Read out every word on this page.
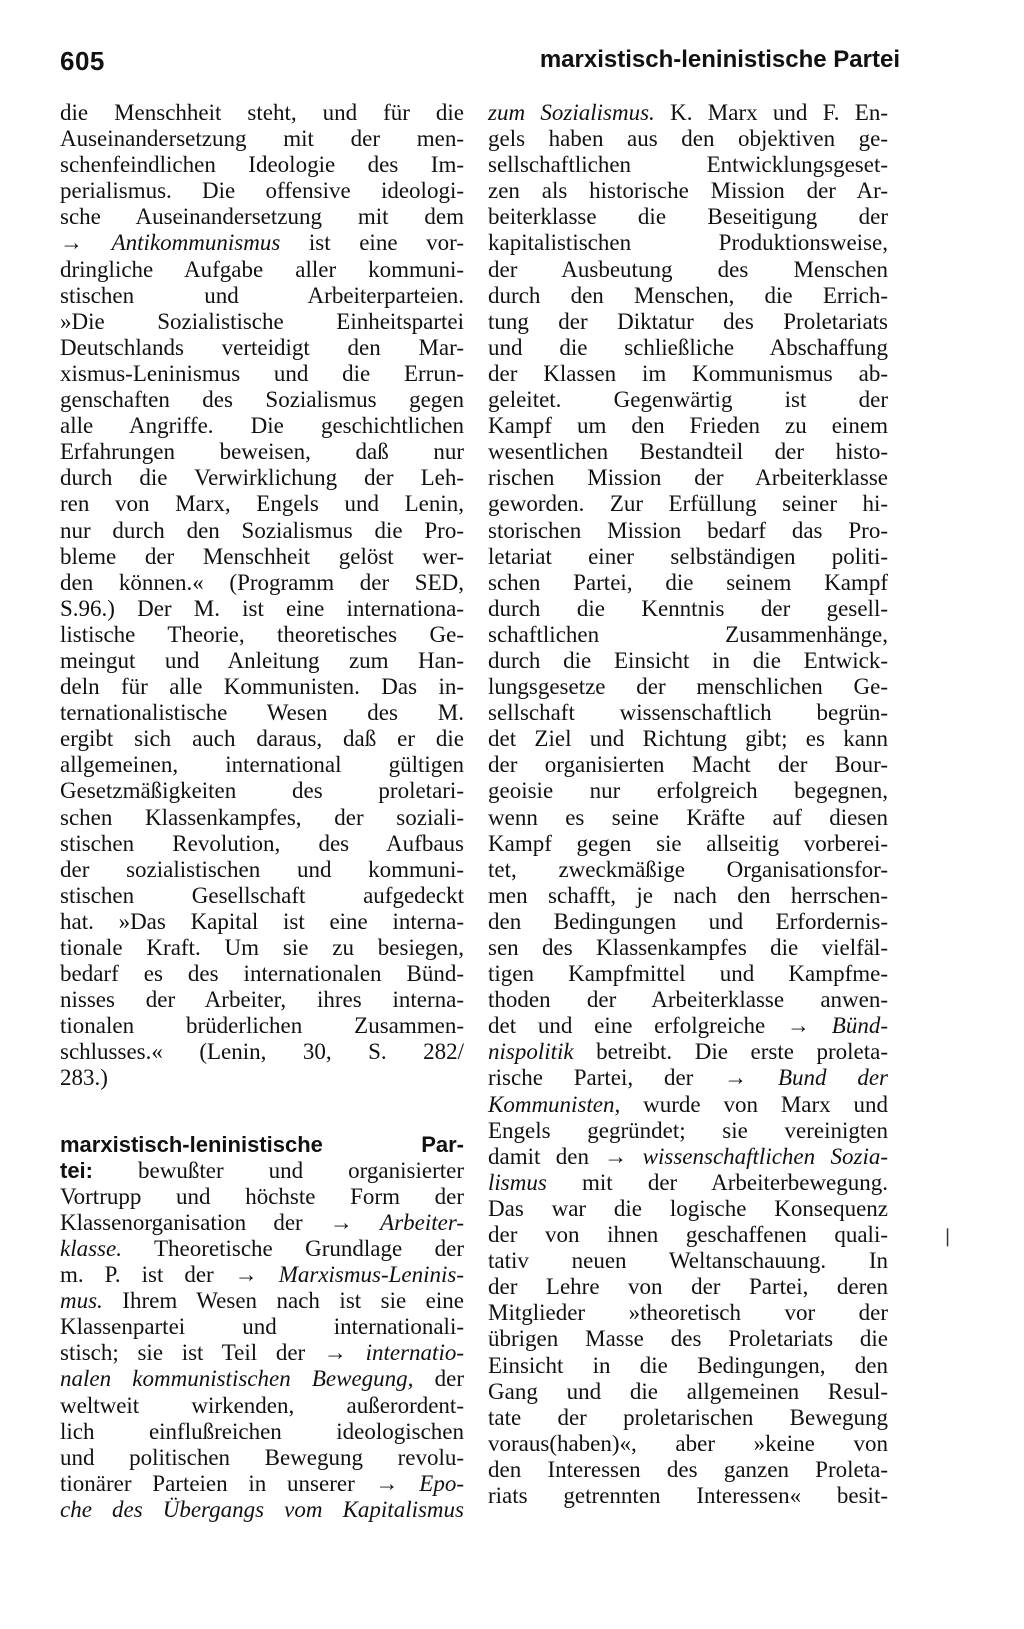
605	marxistisch-leninistische Partei
die Menschheit steht, und für die
Auseinandersetzung mit der men-
schenfeindlichen Ideologie des Im-
perialismus. Die offensive ideologi-
sche Auseinandersetzung mit dem
→ Antikommunismus ist eine vor-
dringliche Aufgabe aller kommuni-
stischen und Arbeiterparteien.
»Die Sozialistische Einheitspartei
Deutschlands verteidigt den Mar-
xismus-Leninismus und die Errun-
genschaften des Sozialismus gegen
alle Angriffe. Die geschichtlichen
Erfahrungen beweisen, daß nur
durch die Verwirklichung der Leh-
ren von Marx, Engels und Lenin,
nur durch den Sozialismus die Pro-
bleme der Menschheit gelöst wer-
den können.« (Programm der SED,
S.96.) Der M. ist eine internationa-
listische Theorie, theoretisches Ge-
meingut und Anleitung zum Han-
deln für alle Kommunisten. Das in-
ternationalistische Wesen des M.
ergibt sich auch daraus, daß er die
allgemeinen, international gültigen
Gesetzmäßigkeiten des proletari-
schen Klassenkampfes, der soziali-
stischen Revolution, des Aufbaus
der sozialistischen und kommuni-
stischen Gesellschaft aufgedeckt
hat. »Das Kapital ist eine interna-
tionale Kraft. Um sie zu besiegen,
bedarf es des internationalen Bünd-
nisses der Arbeiter, ihres interna-
tionalen brüderlichen Zusammen-
schlusses.« (Lenin, 30, S. 282/
283.)
marxistisch-leninistische Par-
tei: bewußter und organisierter
Vortrupp und höchste Form der
Klassenorganisation der → Arbeiter-
klasse. Theoretische Grundlage der
m. P. ist der → Marxismus-Leninis-
mus. Ihrem Wesen nach ist sie eine
Klassenpartei und internationali-
stisch; sie ist Teil der → internatio-
nalen kommunistischen Bewegung, der
weltweit wirkenden, außerordent-
lich einflußreichen ideologischen
und politischen Bewegung revolu-
tionärer Parteien in unserer → Epo-
che des Übergangs vom Kapitalismus
zum Sozialismus. K. Marx und F. En-
gels haben aus den objektiven ge-
sellschaftlichen Entwicklungsgeset-
zen als historische Mission der Ar-
beiterklasse die Beseitigung der
kapitalistischen Produktionsweise,
der Ausbeutung des Menschen
durch den Menschen, die Errich-
tung der Diktatur des Proletariats
und die schließliche Abschaffung
der Klassen im Kommunismus ab-
geleitet. Gegenwärtig ist der
Kampf um den Frieden zu einem
wesentlichen Bestandteil der histo-
rischen Mission der Arbeiterklasse
geworden. Zur Erfüllung seiner hi-
storischen Mission bedarf das Pro-
letariat einer selbständigen politi-
schen Partei, die seinem Kampf
durch die Kenntnis der gesell-
schaftlichen Zusammenhänge,
durch die Einsicht in die Entwick-
lungsgesetze der menschlichen Ge-
sellschaft wissenschaftlich begrün-
det Ziel und Richtung gibt; es kann
der organisierten Macht der Bour-
geoisie nur erfolgreich begegnen,
wenn es seine Kräfte auf diesen
Kampf gegen sie allseitig vorberei-
tet, zweckmäßige Organisationsfor-
men schafft, je nach den herrschen-
den Bedingungen und Erfordernis-
sen des Klassenkampfes die vielfäl-
tigen Kampfmittel und Kampfme-
thoden der Arbeiterklasse anwen-
det und eine erfolgreiche → Bünd-
nispolitik betreibt. Die erste proleta-
rische Partei, der → Bund der
Kommunisten, wurde von Marx und
Engels gegründet; sie vereinigten
damit den → wissenschaftlichen Sozia-
lismus mit der Arbeiterbewegung.
Das war die logische Konsequenz
der von ihnen geschaffenen quali-
tativ neuen Weltanschauung. In
der Lehre von der Partei, deren
Mitglieder »theoretisch vor der
übrigen Masse des Proletariats die
Einsicht in die Bedingungen, den
Gang und die allgemeinen Resul-
tate der proletarischen Bewegung
voraus(haben)«, aber »keine von
den Interessen des ganzen Proleta-
riats getrennten Interessen« besit-
❘
